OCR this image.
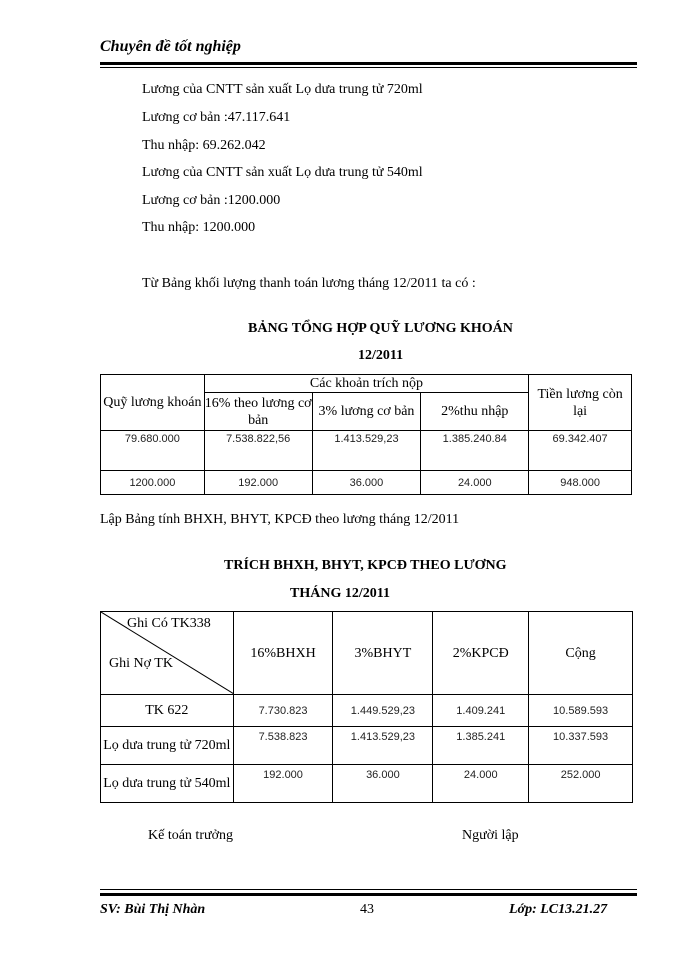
Chuyên đề tốt nghiệp
Lương của CNTT sản xuất Lọ dưa trung tử 720ml
Lương cơ bản :47.117.641
Thu nhập: 69.262.042
Lương của CNTT sản xuất Lọ dưa trung tử 540ml
Lương cơ bản :1200.000
Thu nhập: 1200.000
Từ Bảng khối lượng thanh toán lương tháng 12/2011 ta có :
BẢNG TỔNG HỢP QUỸ LƯƠNG KHOÁN
12/2011
Quỹ lương khoán	Các khoản trích nộp			Tiền lương còn lại
	16% theo lương cơ bản	3% lương cơ bản	2%thu nhập	
79.680.000	7.538.822,56	1.413.529,23	1.385.240.84	69.342.407
1200.000	192.000	36.000	24.000	948.000
Lập Bảng tính BHXH, BHYT, KPCĐ theo lương tháng 12/2011
TRÍCH BHXH, BHYT, KPCĐ THEO LƯƠNG
THÁNG 12/2011
Ghi Có TK338
Ghi Nợ TK	16%BHXH	3%BHYT	2%KPCĐ	Cộng
TK 622	7.730.823	1.449.529,23	1.409.241	10.589.593
Lọ dưa trung tử 720ml	7.538.823	1.413.529,23	1.385.241	10.337.593
Lọ dưa trung tử 540ml	192.000	36.000	24.000	252.000
Kế toán trưởng	Người lập
SV: Bùi Thị Nhàn	43	Lớp: LC13.21.27
